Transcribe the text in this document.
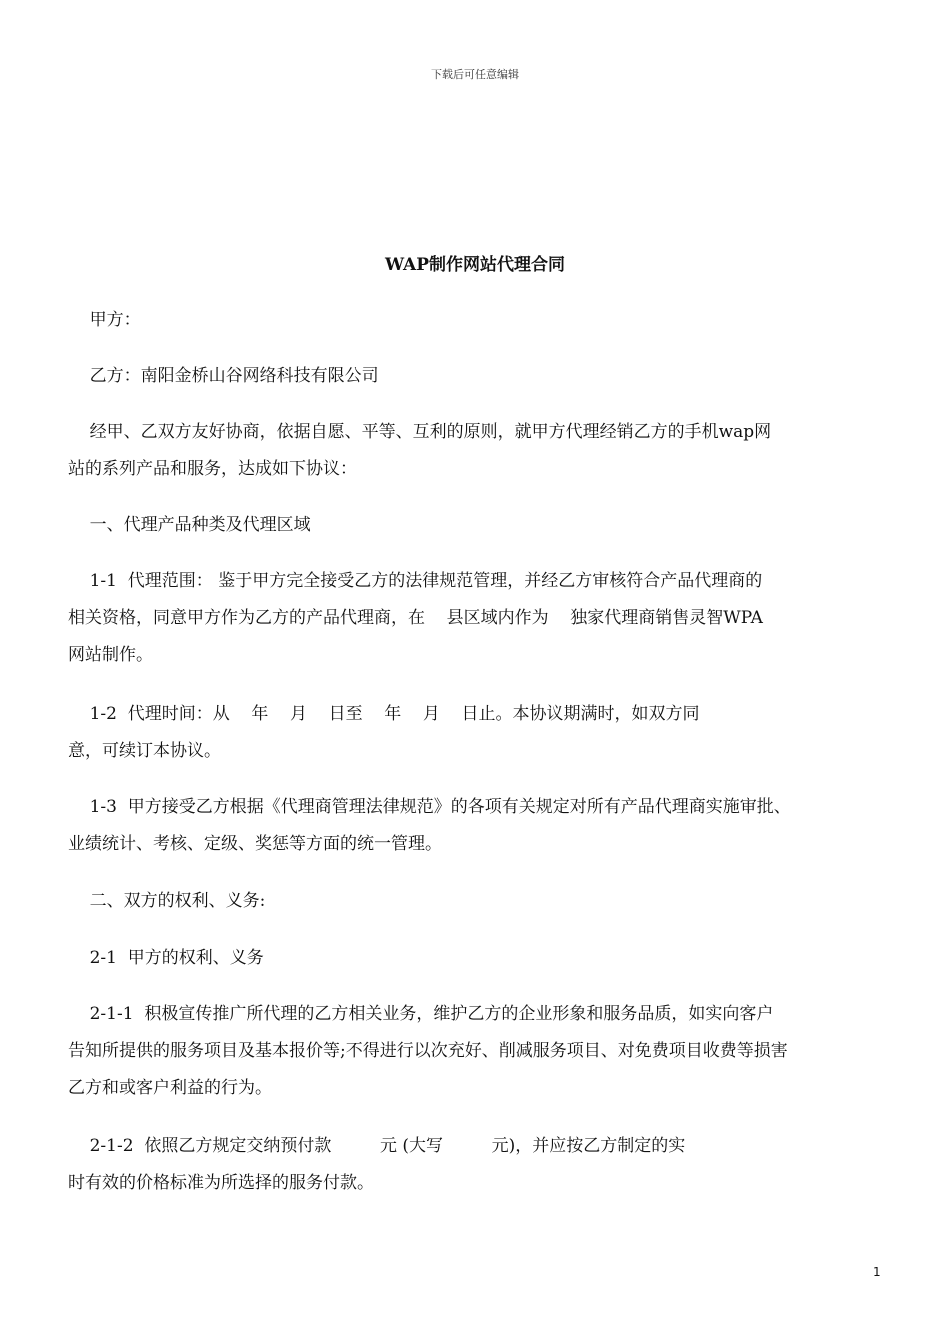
下载后可任意编辑
WAP制作网站代理合同
甲方：
乙方：南阳金桥山谷网络科技有限公司
经甲、乙双方友好协商，依据自愿、平等、互利的原则，就甲方代理经销乙方的手机wap网
站的系列产品和服务，达成如下协议：
一、代理产品种类及代理区域
1-1  代理范围： 鉴于甲方完全接受乙方的法律规范管理，并经乙方审核符合产品代理商的
相关资格，同意甲方作为乙方的产品代理商，在    县区域内作为    独家代理商销售灵智WPA
网站制作。
1-2  代理时间：从    年    月    日至    年    月    日止。本协议期满时，如双方同
意，可续订本协议。
1-3  甲方接受乙方根据《代理商管理法律规范》的各项有关规定对所有产品代理商实施审批、
业绩统计、考核、定级、奖惩等方面的统一管理。
二、双方的权利、义务:
2-1  甲方的权利、义务
2-1-1  积极宣传推广所代理的乙方相关业务，维护乙方的企业形象和服务品质，如实向客户
告知所提供的服务项目及基本报价等;不得进行以次充好、削减服务项目、对免费项目收费等损害
乙方和或客户利益的行为。
2-1-2  依照乙方规定交纳预付款         元 (大写         元)，并应按乙方制定的实
时有效的价格标准为所选择的服务付款。
1
